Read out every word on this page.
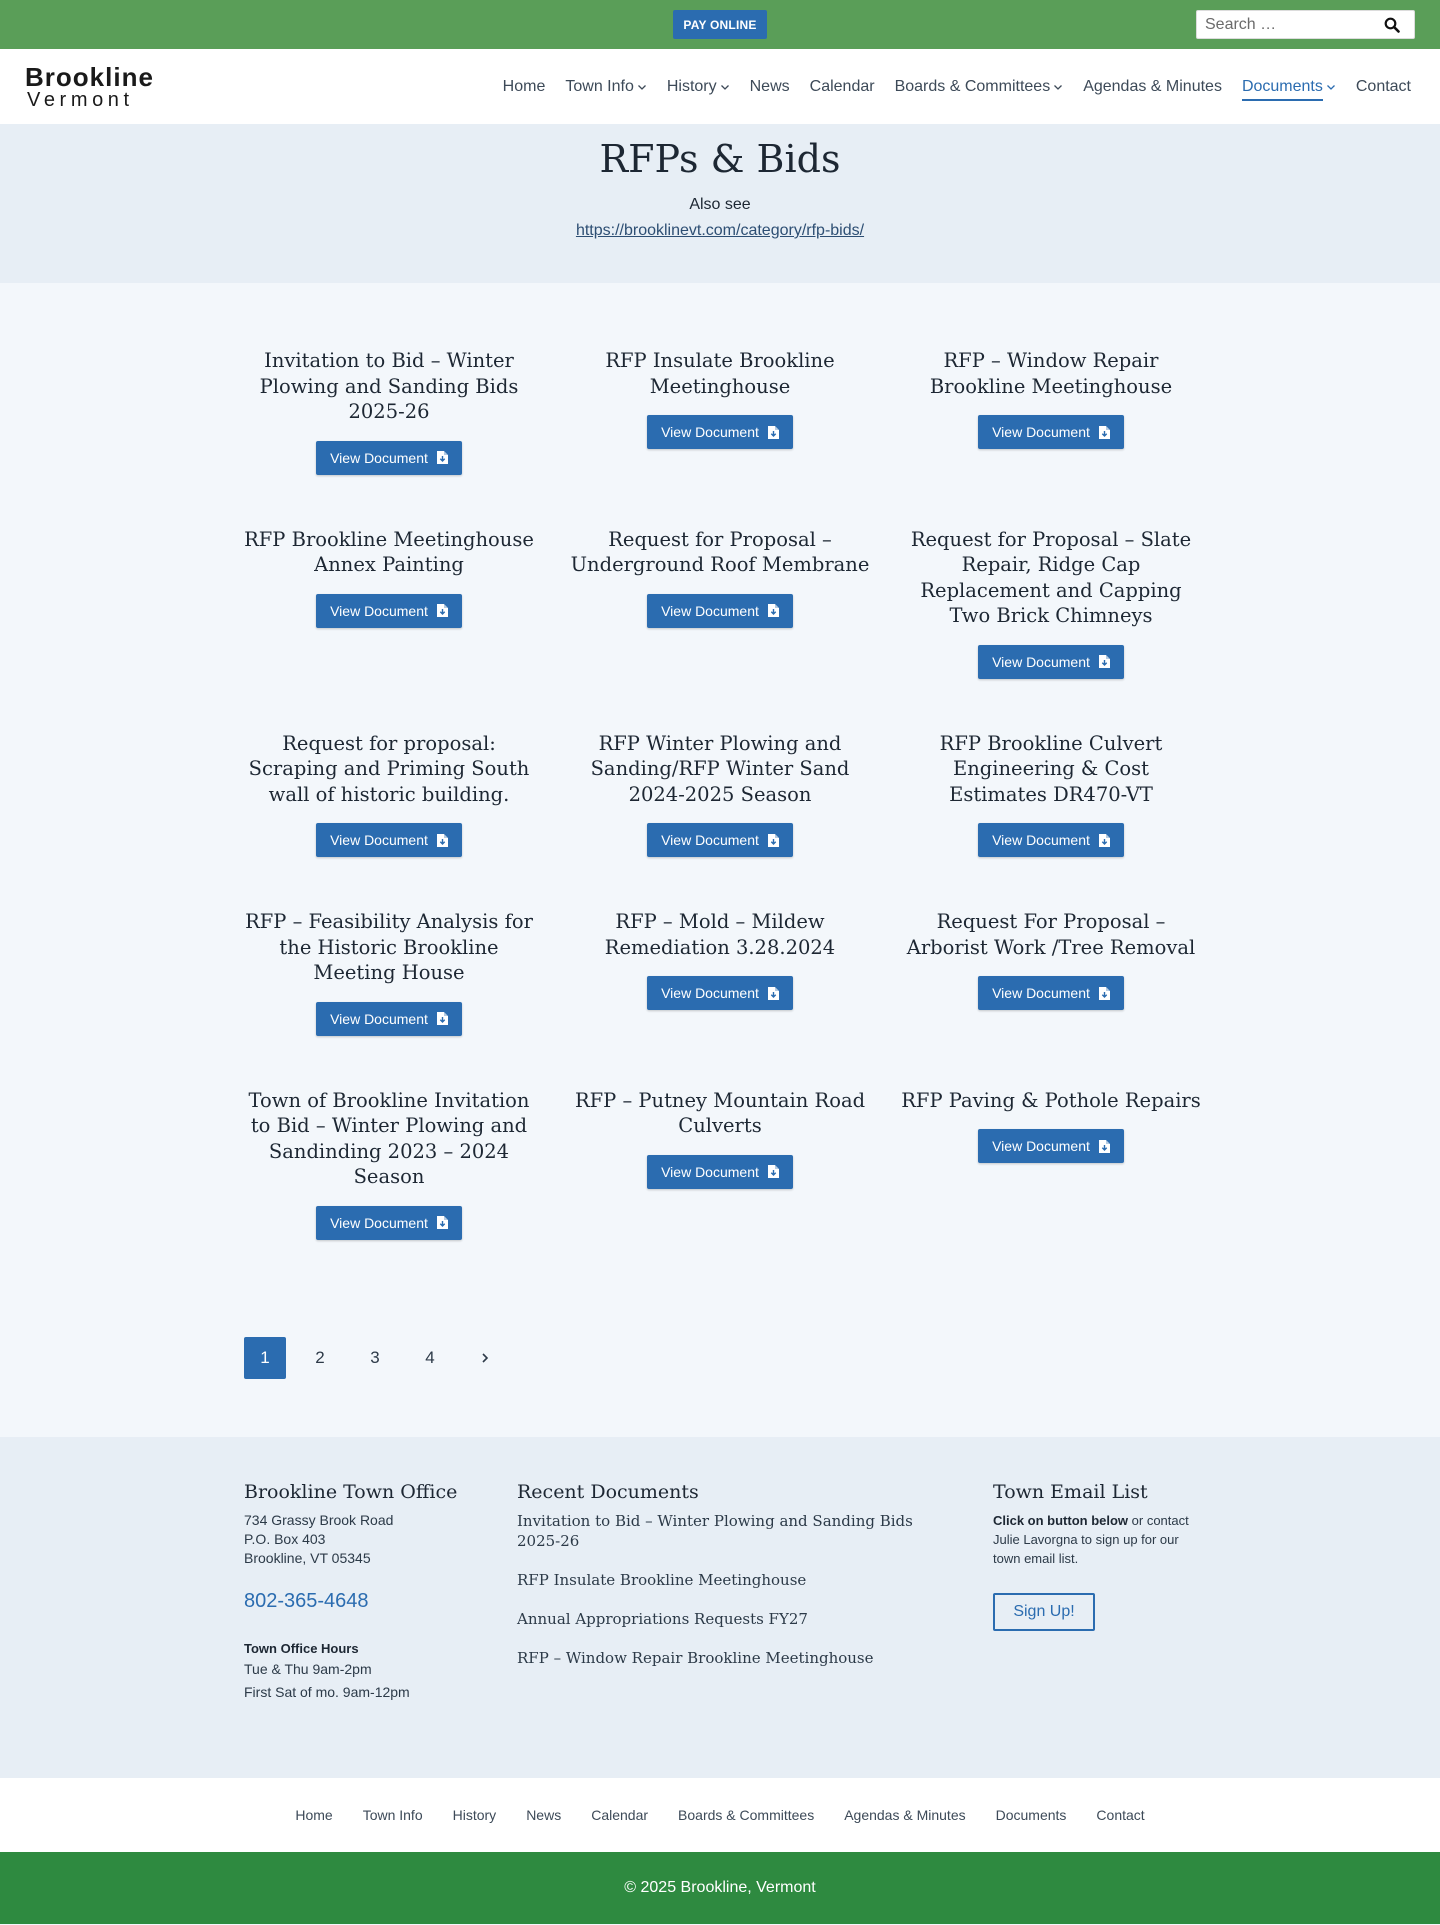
PAY ONLINE
Search …
Brookline
Vermont
Home Town Info History News Calendar Boards & Committees Agendas & Minutes Documents Contact
RFPs & Bids
Also see
https://brooklinevt.com/category/rfp-bids/
Invitation to Bid – Winter Plowing and Sanding Bids 2025-26
View Document
RFP Insulate Brookline Meetinghouse
View Document
RFP – Window Repair Brookline Meetinghouse
View Document
RFP Brookline Meetinghouse Annex Painting
View Document
Request for Proposal – Underground Roof Membrane
View Document
Request for Proposal – Slate Repair, Ridge Cap Replacement and Capping Two Brick Chimneys
View Document
Request for proposal: Scraping and Priming South wall of historic building.
View Document
RFP Winter Plowing and Sanding/RFP Winter Sand 2024-2025 Season
View Document
RFP Brookline Culvert Engineering & Cost Estimates DR470-VT
View Document
RFP – Feasibility Analysis for the Historic Brookline Meeting House
View Document
RFP – Mold – Mildew Remediation 3.28.2024
View Document
Request For Proposal – Arborist Work /Tree Removal
View Document
Town of Brookline Invitation to Bid – Winter Plowing and Sandinding 2023 – 2024 Season
View Document
RFP – Putney Mountain Road Culverts
View Document
RFP Paving & Pothole Repairs
View Document
1	2	3	4
Brookline Town Office
734 Grassy Brook Road
P.O. Box 403
Brookline, VT 05345
802-365-4648
Town Office Hours
Tue & Thu 9am-2pm
First Sat of mo. 9am-12pm
Recent Documents
Invitation to Bid – Winter Plowing and Sanding Bids 2025-26
RFP Insulate Brookline Meetinghouse
Annual Appropriations Requests FY27
RFP – Window Repair Brookline Meetinghouse
Town Email List
Click on button below or contact Julie Lavorgna to sign up for our town email list.
Sign Up!
Home	Town Info	History	News	Calendar	Boards & Committees	Agendas & Minutes	Documents	Contact
© 2025 Brookline, Vermont
